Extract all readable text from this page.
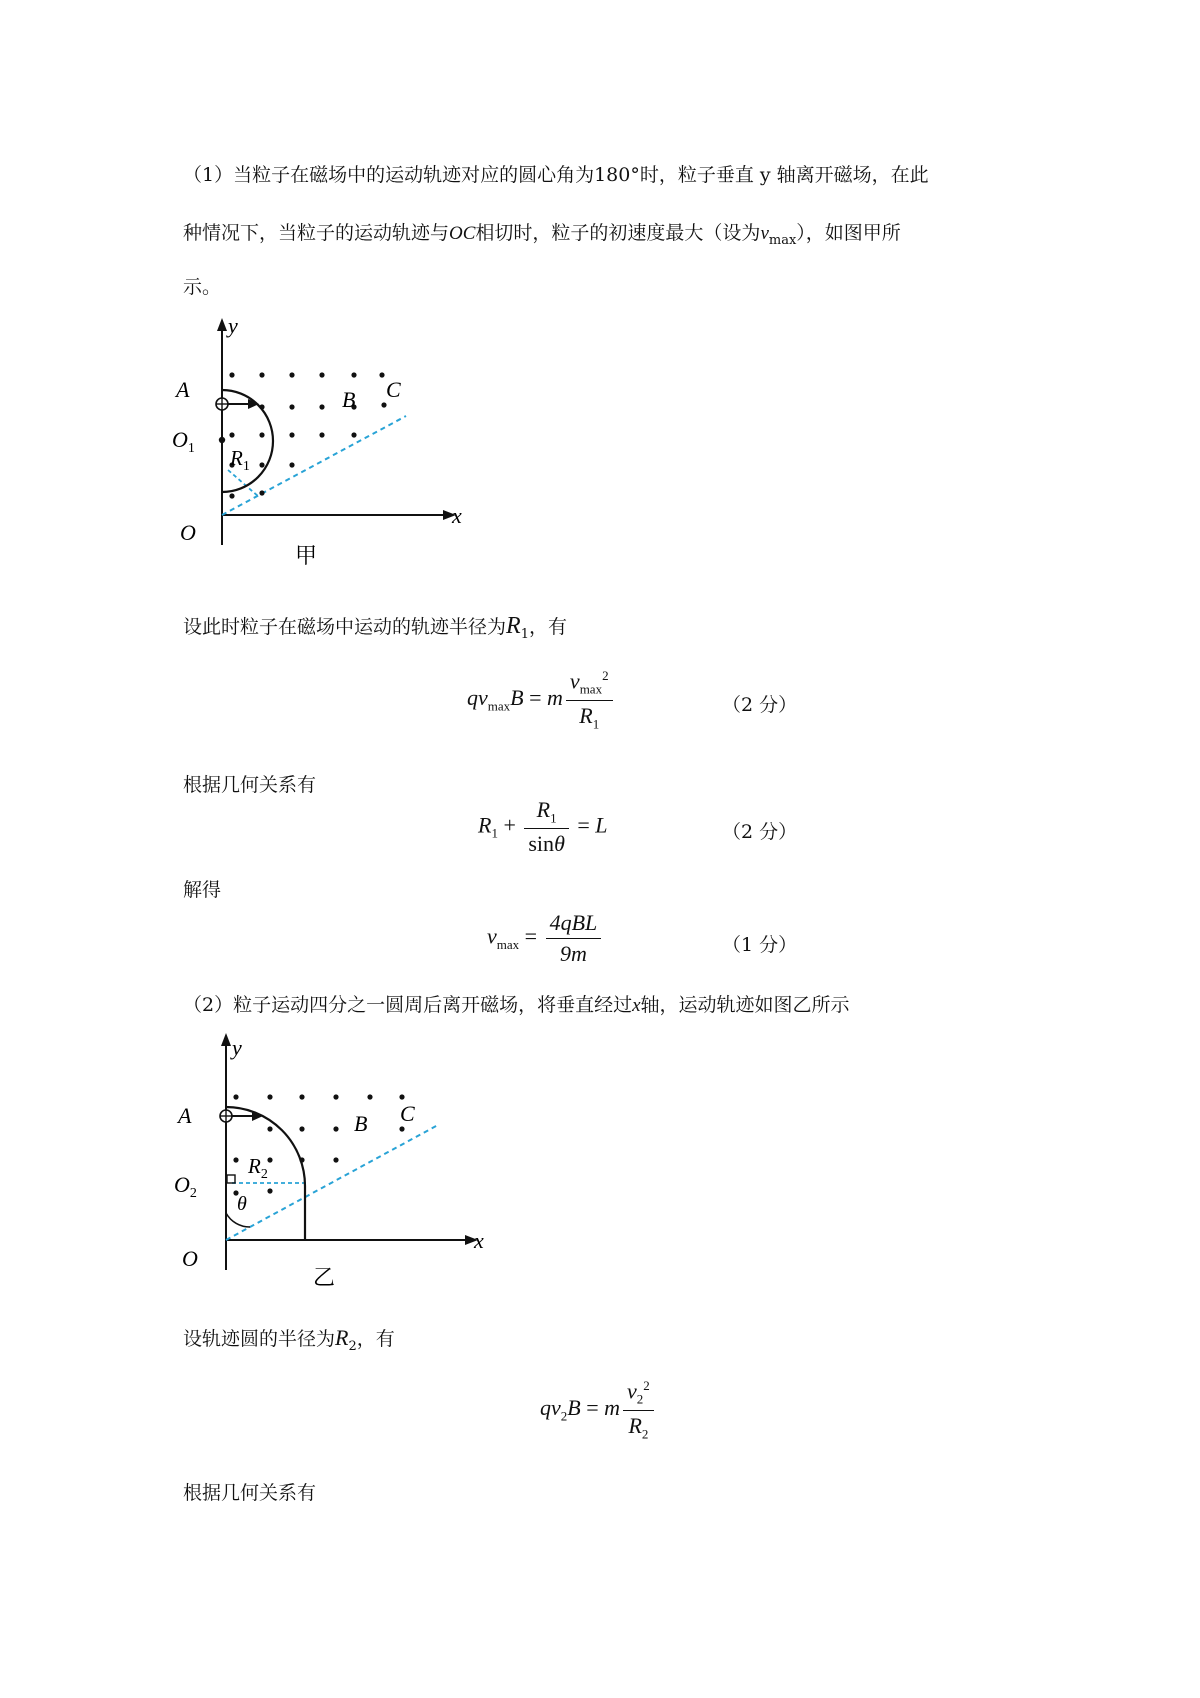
（1）当粒子在磁场中的运动轨迹对应的圆心角为180°时，粒子垂直 y 轴离开磁场，在此
种情况下，当粒子的运动轨迹与OC相切时，粒子的初速度最大（设为$v_{max}$），如图甲所
示。
y
x
A	B C
O
$O_1$ $R_1$
甲
设此时粒子在磁场中运动的轨迹半径为$R_1$，有
$qv_{max}B = m \frac{v_{max}^2}{R_1}$	（2 分）
根据几何关系有
$R_1 + \frac{R_1}{\sin\theta} = L$	（2 分）
解得
$v_{max} = \frac{\text{4qBL}}{9m}$	（1 分）
（2）粒子运动四分之一圆周后离开磁场，将垂直经过x轴，运动轨迹如图乙所示
y
x
A	B C
O
$O_2$
$R_2$
θ
乙
设轨迹圆的半径为$R_2$，有
$qv_2B = m \frac{v_2^2}{R_2}$
根据几何关系有
